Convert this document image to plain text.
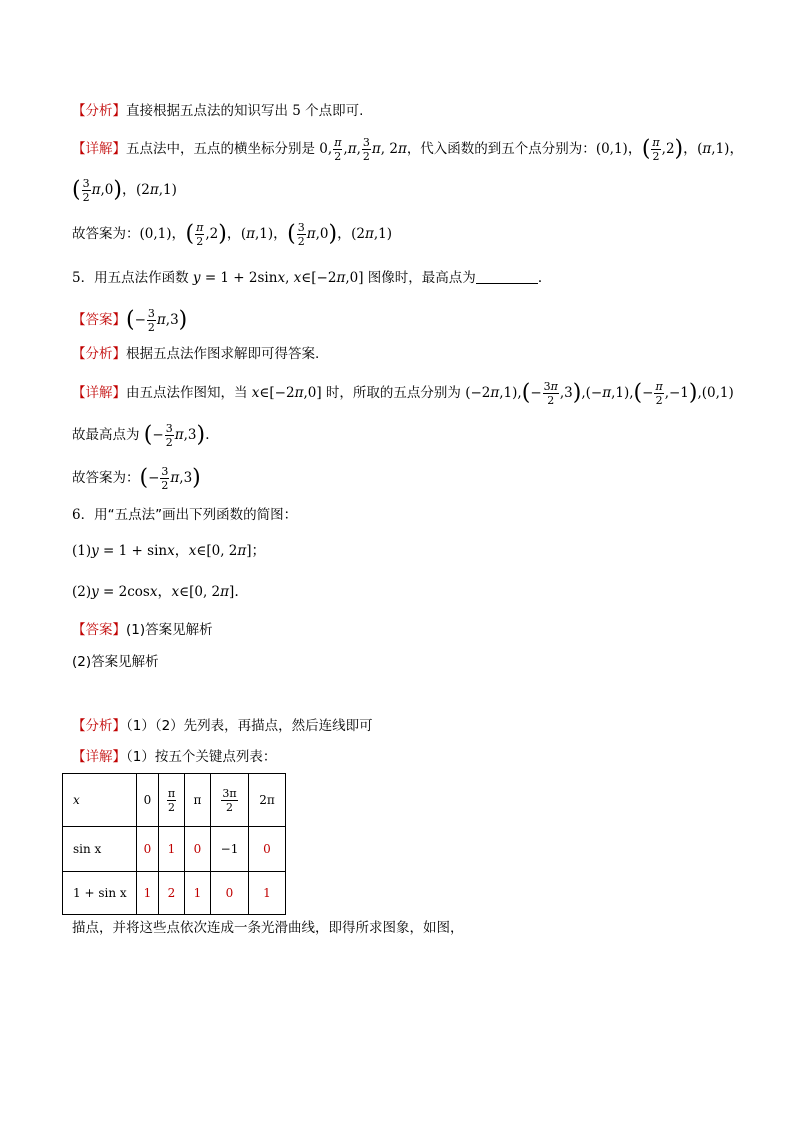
【分析】直接根据五点法的知识写出 5 个点即可.
【详解】五点法中，五点的横坐标分别是 0, $\frac{\pi}{2} ,\pi$, $\frac{3}{2} \pi$, 2π，代入函数的到五个点分别为：(0,1)，( $\frac{\pi}{2} ,2$)，(π,1)，
( $\frac{3}{2} \pi,0$)，(2π,1)
故答案为：(0,1)，( $\frac{\pi}{2} ,2$)，(π,1)，( $\frac{3}{2} \pi,0$)，(2π,1)
5．用五点法作函数 y = 1 + 2sinx, x∈[−2π,0] 图像时，最高点为	.
【答案】(− $\frac{3}{2} \pi,3$)
【分析】根据五点法作图求解即可得答案.
【详解】由五点法作图知，当 x∈[−2π,0] 时，所取的五点分别为 $(-2\pi,1),(- \frac{3\pi}{2} ,3),(-\pi,1),(- \frac{\pi}{2} ,-1),(0,1)$
故最高点为 (− $\frac{3}{2} \pi,3$).
故答案为：(− $\frac{3}{2} \pi,3$)
6．用“五点法”画出下列函数的简图：
(1)y = 1 + sinx，x∈[0, 2π]；
(2)y = 2cosx，x∈[0, 2π].
【答案】(1)答案见解析
(2)答案见解析
【分析】（1）（2）先列表，再描点，然后连线即可
【详解】（1）按五个关键点列表：
x	0	$\frac{\pi}{2}$	π	$\frac{3\pi}{2}$	2π
sin x	0	1	0	−1	0
1 + sin x	1	2	1	0	1
描点，并将这些点依次连成一条光滑曲线，即得所求图象，如图，
